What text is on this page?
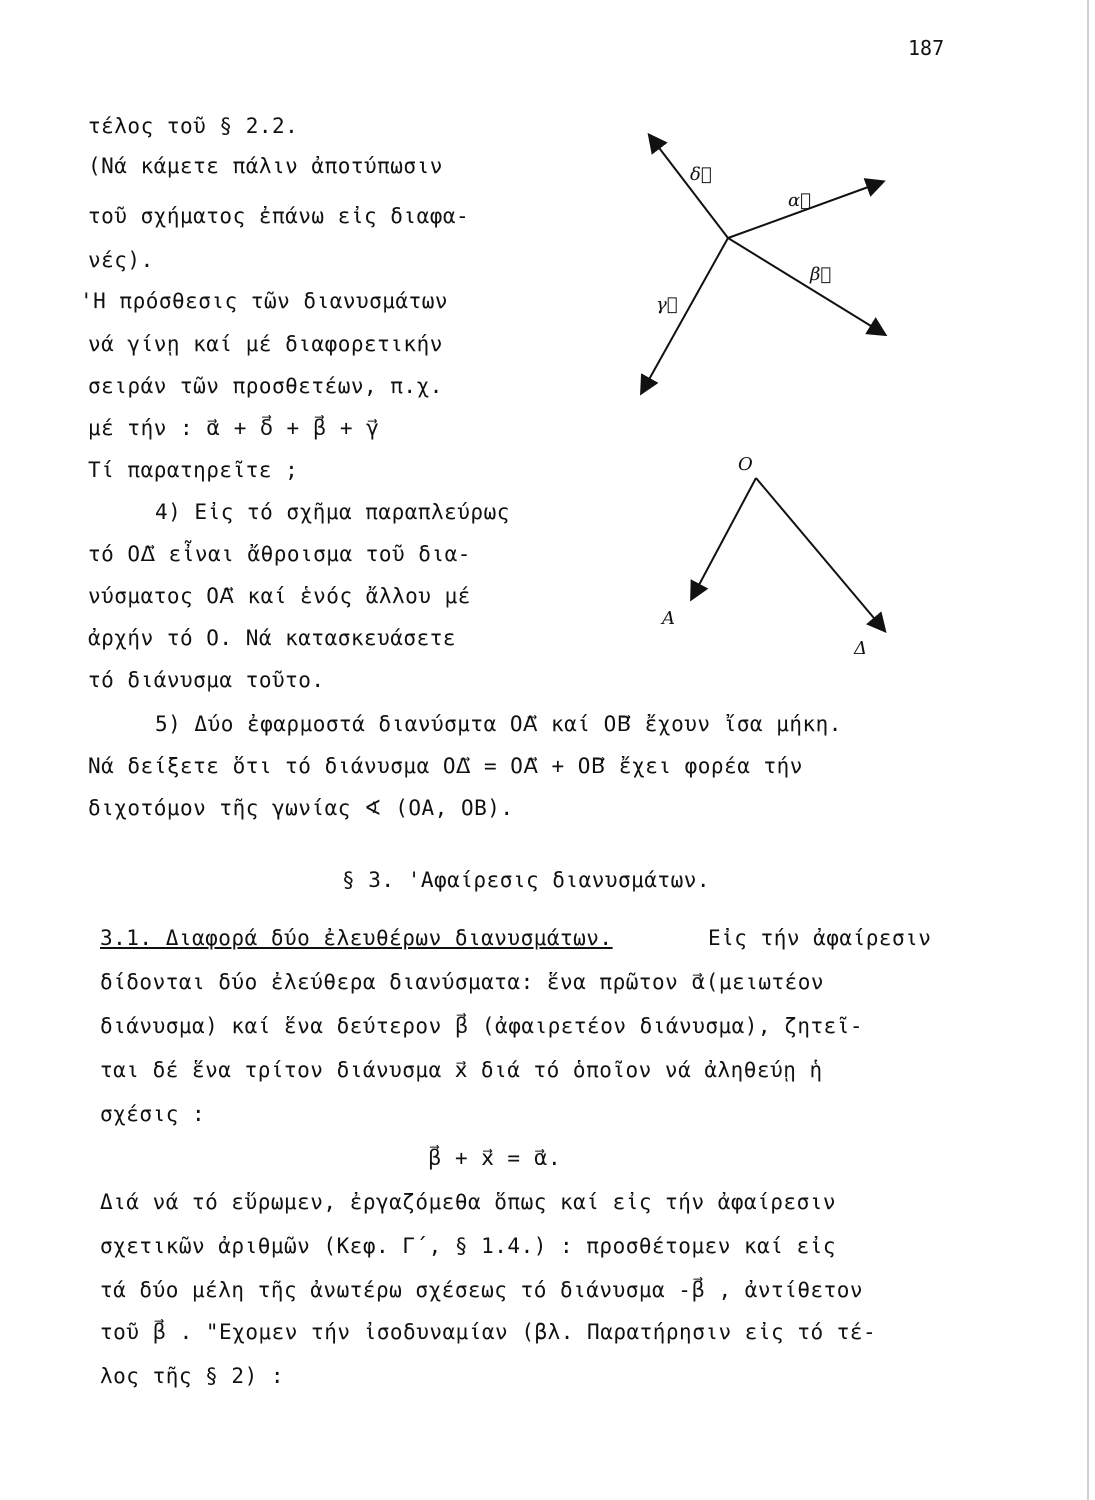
187
τέλος τοῦ § 2.2.
(Νά κάμετε πάλιν ἀποτύπωσιν
τοῦ σχήματος ἐπάνω εἰς διαφα-
νές).
'Η πρόσθεσις τῶν διανυσμάτων
νά γίνῃ καί μέ διαφορετικήν
σειράν τῶν προσθετέων, π.χ.
μέ τήν : α⃗ + δ⃗ + β⃗ + γ⃗
Τί παρατηρεῖτε ;
4) Εἰς τό σχῆμα παραπλεύρως
τό ΟΔ⃗ εἶναι ἄθροισμα τοῦ δια-
νύσματος ΟΑ⃗ καί ἑνός ἄλλου μέ
ἀρχήν τό Ο. Νά κατασκευάσετε
τό διάνυσμα τοῦτο.
5) Δύο ἐφαρμοστά διανύσμτα ΟΑ⃗ καί ΟΒ⃗ ἔχουν ἴσα μήκη.
Νά δείξετε ὅτι τό διάνυσμα ΟΔ⃗ = ΟΑ⃗ + ΟΒ⃗ ἔχει φορέα τήν
διχοτόμον τῆς γωνίας ∢ (ΟΑ, ΟΒ).
§ 3. 'Αφαίρεσις διανυσμάτων.
3.1. Διαφορά δύο ἐλευθέρων διανυσμάτων.	Εἰς τήν ἀφαίρεσιν
δίδονται δύο ἐλεύθερα διανύσματα: ἕνα πρῶτον α⃗(μειωτέον
διάνυσμα) καί ἕνα δεύτερον β⃗ (ἀφαιρετέον διάνυσμα), ζητεῖ-
ται δέ ἕνα τρίτον διάνυσμα x⃗ διά τό ὁποῖον νά ἀληθεύῃ ἡ
σχέσις :
β⃗ + x⃗ = α⃗.
Διά νά τό εὕρωμεν, ἐργαζόμεθα ὅπως καί εἰς τήν ἀφαίρεσιν
σχετικῶν ἀριθμῶν (Κεφ. Γ΄, § 1.4.) : προσθέτομεν καί εἰς
τά δύο μέλη τῆς ἀνωτέρω σχέσεως τό διάνυσμα -β⃗ , ἀντίθετον
τοῦ β⃗ . "Εχομεν τήν ἰσοδυναμίαν (βλ. Παρατήρησιν εἰς τό τέ-
λος τῆς § 2) :
δ⃗
α⃗
β⃗
γ⃗
Ο
Α
Δ
